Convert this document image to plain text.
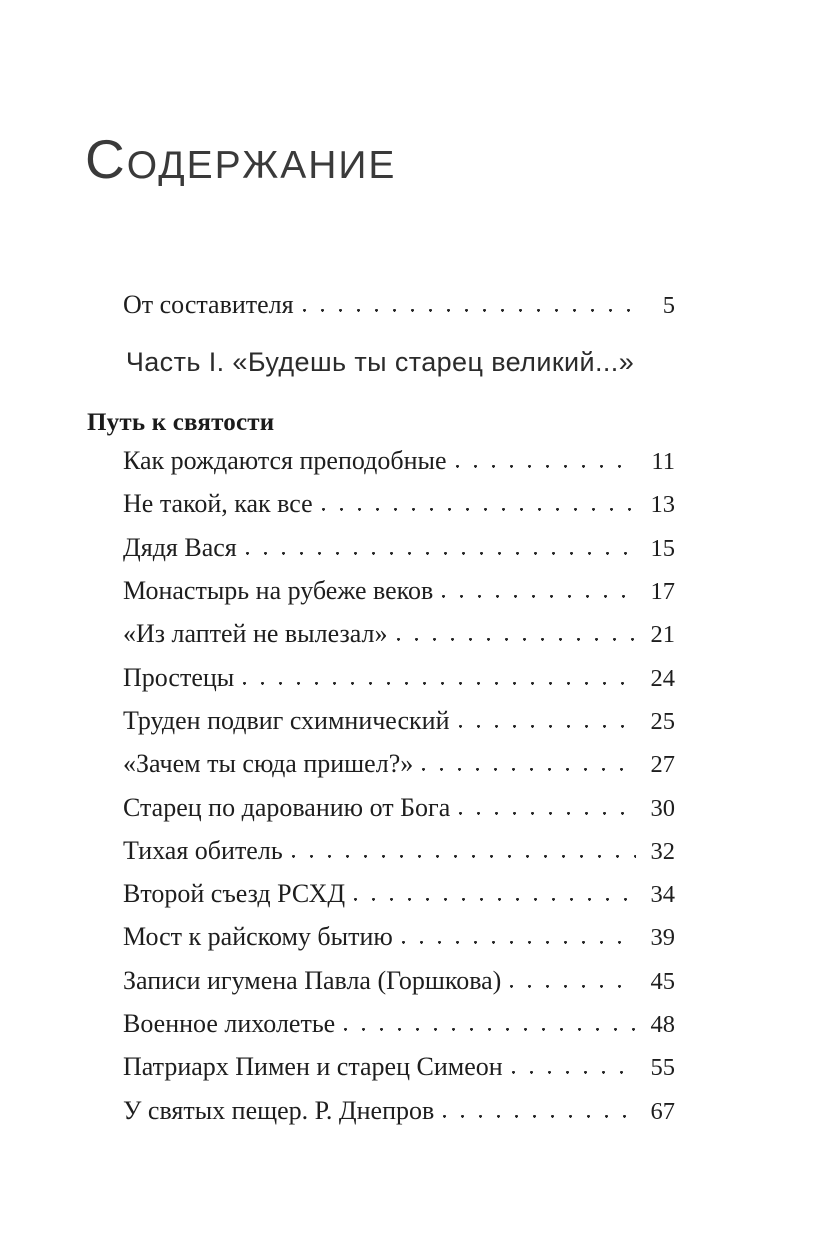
СОДЕРЖАНИЕ
От составителя	5
Часть I. «Будешь ты старец великий...»
Путь к святости
Как рождаются преподобные	11
Не такой, как все	13
Дядя Вася	15
Монастырь на рубеже веков	17
«Из лаптей не вылезал»	21
Простецы	24
Труден подвиг схимнический	25
«Зачем ты сюда пришел?»	27
Старец по дарованию от Бога	30
Тихая обитель	32
Второй съезд РСХД	34
Мост к райскому бытию	39
Записи игумена Павла (Горшкова)	45
Военное лихолетье	48
Патриарх Пимен и старец Симеон	55
У святых пещер. Р. Днепров	67
